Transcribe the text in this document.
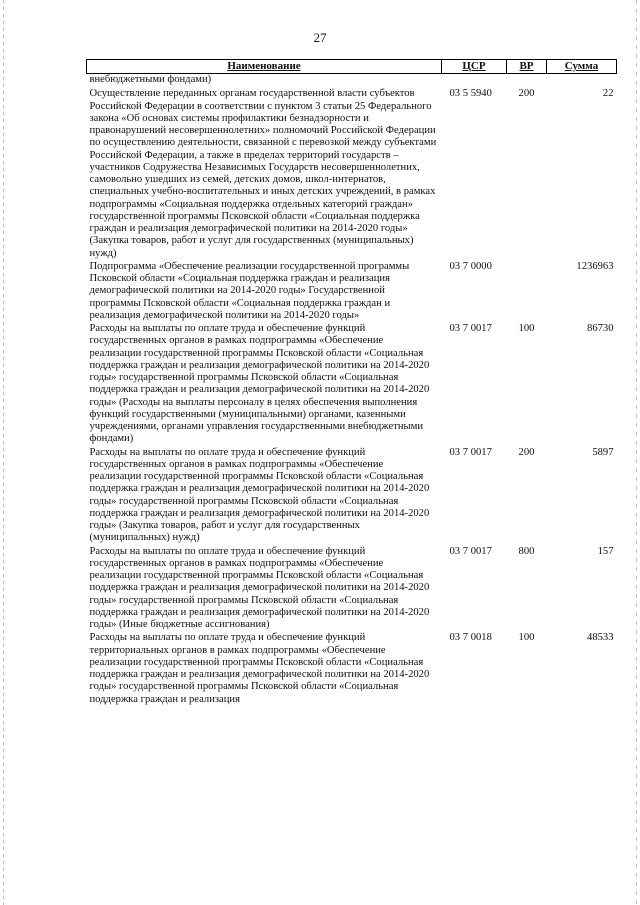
27
Наименование	ЦСР	ВР	Сумма
внебюджетными фондами)			
Осуществление переданных органам государственной власти субъектов Российской Федерации в соответствии с пунктом 3 статьи 25 Федерального закона «Об основах системы профилактики безнадзорности и правонарушений несовершеннолетних» полномочий Российской Федерации по осуществлению деятельности, связанной с перевозкой между субъектами Российской Федерации, а также в пределах территорий государств – участников Содружества Независимых Государств несовершеннолетних, самовольно ушедших из семей, детских домов, школ-интернатов, специальных учебно-воспитательных и иных детских учреждений, в рамках подпрограммы «Социальная поддержка отдельных категорий граждан» государственной программы Псковской области «Социальная поддержка граждан и реализация демографической политики на 2014-2020 годы» (Закупка товаров, работ и услуг для государственных (муниципальных) нужд)	03 5 5940	200	22
Подпрограмма «Обеспечение реализации государственной программы Псковской области «Социальная поддержка граждан и реализация демографической политики на 2014-2020 годы» Государственной программы Псковской области «Социальная поддержка граждан и реализация демографической политики на 2014-2020 годы»	03 7 0000		1236963
Расходы на выплаты по оплате труда и обеспечение функций государственных органов в рамках подпрограммы «Обеспечение реализации государственной программы Псковской области «Социальная поддержка граждан и реализация демографической политики на 2014-2020 годы» государственной программы Псковской области «Социальная поддержка граждан и реализация демографической политики на 2014-2020 годы» (Расходы на выплаты персоналу в целях обеспечения выполнения функций государственными (муниципальными) органами, казенными учреждениями, органами управления государственными внебюджетными фондами)	03 7 0017	100	86730
Расходы на выплаты по оплате труда и обеспечение функций государственных органов в рамках подпрограммы «Обеспечение реализации государственной программы Псковской области «Социальная поддержка граждан и реализация демографической политики на 2014-2020 годы» государственной программы Псковской области «Социальная поддержка граждан и реализация демографической политики на 2014-2020 годы» (Закупка товаров, работ и услуг для государственных (муниципальных) нужд)	03 7 0017	200	5897
Расходы на выплаты по оплате труда и обеспечение функций государственных органов в рамках подпрограммы «Обеспечение реализации государственной программы Псковской области «Социальная поддержка граждан и реализация демографической политики на 2014-2020 годы» государственной программы Псковской области «Социальная поддержка граждан и реализация демографической политики на 2014-2020 годы» (Иные бюджетные ассигнования)	03 7 0017	800	157
Расходы на выплаты по оплате труда и обеспечение функций территориальных органов в рамках подпрограммы «Обеспечение реализации государственной программы Псковской области «Социальная поддержка граждан и реализация демографической политики на 2014-2020 годы» государственной программы Псковской области «Социальная поддержка граждан и реализация	03 7 0018	100	48533
